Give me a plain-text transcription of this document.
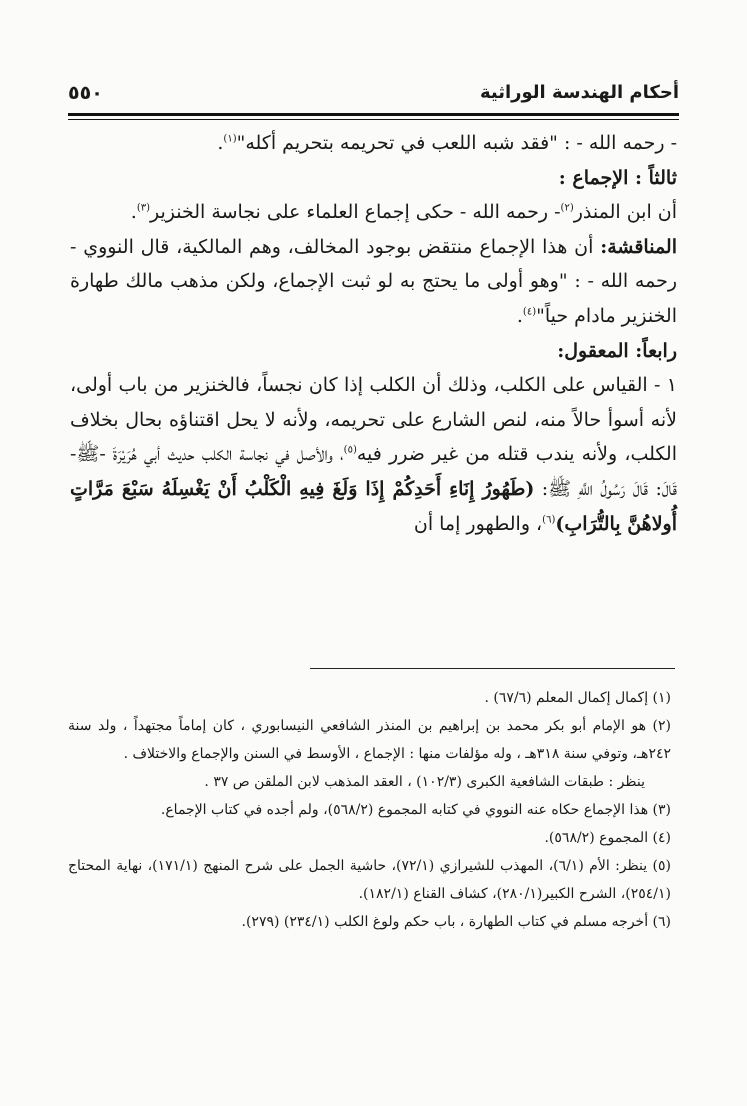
أحكام الهندسة الوراثية
٥٥٠

- رحمه الله - : "فقد شبه اللعب في تحريمه بتحريم أكله"$^{(١)}$.

ثالثاً : الإجماع :

أن ابن المنذر$^{(٢)}$- رحمه الله - حكى إجماع العلماء على نجاسة الخنزير$^{(٣)}$.

المناقشة: أن هذا الإجماع منتقض بوجود المخالف، وهم المالكية، قال النووي - رحمه الله - : "وهو أولى ما يحتج به لو ثبت الإجماع، ولكن مذهب مالك طهارة الخنزير مادام حياً"$^{(٤)}$.

رابعاً: المعقول:

١ - القياس على الكلب، وذلك أن الكلب إذا كان نجساً، فالخنزير من باب أولى، لأنه أسوأ حالاً منه، لنص الشارع على تحريمه، ولأنه لا يحل اقتناؤه بحال بخلاف الكلب، ولأنه يندب قتله من غير ضرر فيه$^{(٥)}$، والأصل في نجاسة الكلب حديث أبي هُرَيْرَةَ -ﷺ- قَالَ: قَالَ رَسُولُ اللَّهِ ﷺ: (طَهُورُ إِنَاءِ أَحَدِكُمْ إِذَا وَلَغَ فِيهِ الْكَلْبُ أَنْ يَغْسِلَهُ سَبْعَ مَرَّاتٍ أُولاهُنَّ بِالتُّرَابِ)$^{(٦)}$، والطهور إما أن

(١) إكمال إكمال المعلم (٦٧/٦) .

(٢) هو الإمام أبو بكر محمد بن إبراهيم بن المنذر الشافعي النيسابوري ، كان إماماً مجتهداً ، ولد سنة ٢٤٢هـ، وتوفي سنة ٣١٨هـ ، وله مؤلفات منها : الإجماع ، الأوسط في السنن والإجماع والاختلاف .

ينظر : طبقات الشافعية الكبرى (١٠٢/٣) ، العقد المذهب لابن الملقن ص ٣٧ .

(٣) هذا الإجماع حكاه عنه النووي في كتابه المجموع (٥٦٨/٢)، ولم أجده في كتاب الإجماع.

(٤) المجموع (٥٦٨/٢).

(٥) ينظر: الأم (٦/١)، المهذب للشيرازي (٧٢/١)، حاشية الجمل على شرح المنهج (١٧١/١)، نهاية المحتاج (٢٥٤/١)، الشرح الكبير(٢٨٠/١)، كشاف القناع (١٨٢/١).

(٦) أخرجه مسلم في كتاب الطهارة ، باب حكم ولوغ الكلب (٢٣٤/١) (٢٧٩).
